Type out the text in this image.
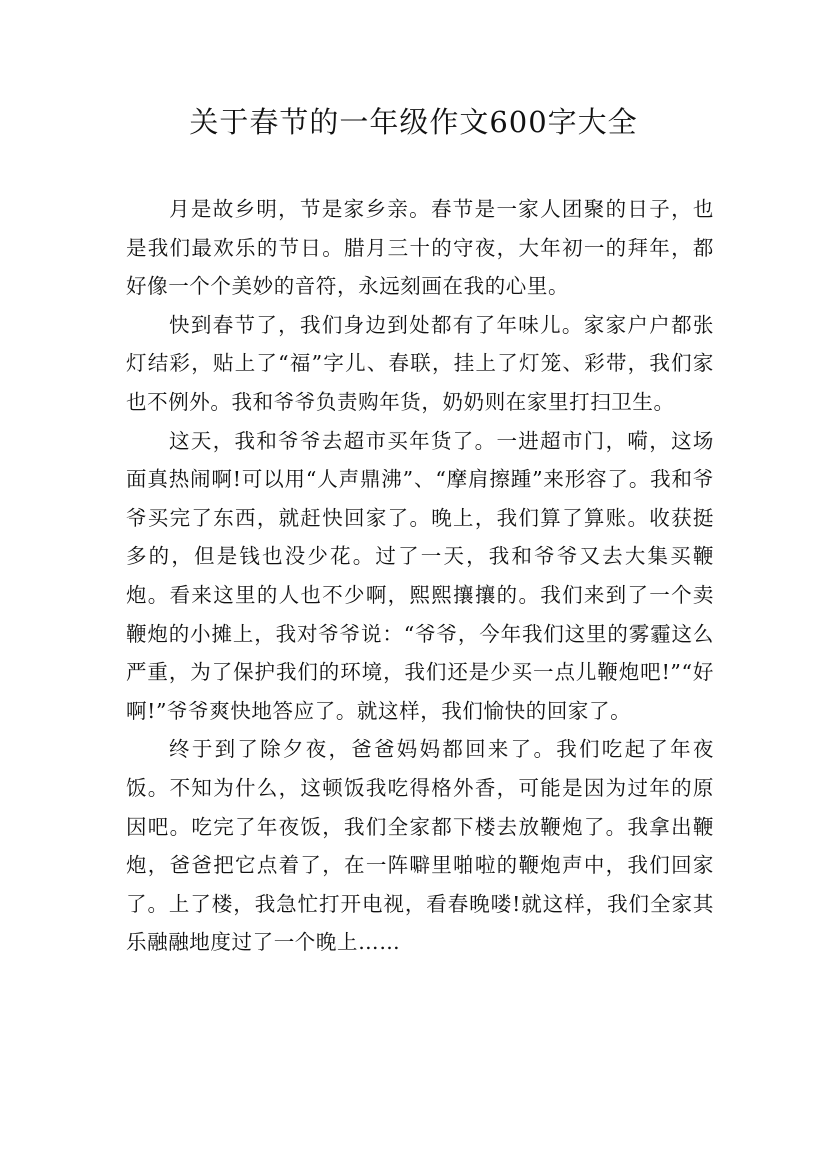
关于春节的一年级作文600字大全

月是故乡明，节是家乡亲。春节是一家人团聚的日子，也是我们最欢乐的节日。腊月三十的守夜，大年初一的拜年，都好像一个个美妙的音符，永远刻画在我的心里。

快到春节了，我们身边到处都有了年味儿。家家户户都张灯结彩，贴上了“福”字儿、春联，挂上了灯笼、彩带，我们家也不例外。我和爷爷负责购年货，奶奶则在家里打扫卫生。

这天，我和爷爷去超市买年货了。一进超市门，嗬，这场面真热闹啊!可以用“人声鼎沸”、“摩肩擦踵”来形容了。我和爷爷买完了东西，就赶快回家了。晚上，我们算了算账。收获挺多的，但是钱也没少花。过了一天，我和爷爷又去大集买鞭炮。看来这里的人也不少啊，熙熙攘攘的。我们来到了一个卖鞭炮的小摊上，我对爷爷说：“爷爷，今年我们这里的雾霾这么严重，为了保护我们的环境，我们还是少买一点儿鞭炮吧!”“好啊!”爷爷爽快地答应了。就这样，我们愉快的回家了。

终于到了除夕夜，爸爸妈妈都回来了。我们吃起了年夜饭。不知为什么，这顿饭我吃得格外香，可能是因为过年的原因吧。吃完了年夜饭，我们全家都下楼去放鞭炮了。我拿出鞭炮，爸爸把它点着了，在一阵噼里啪啦的鞭炮声中，我们回家了。上了楼，我急忙打开电视，看春晚喽!就这样，我们全家其乐融融地度过了一个晚上……
